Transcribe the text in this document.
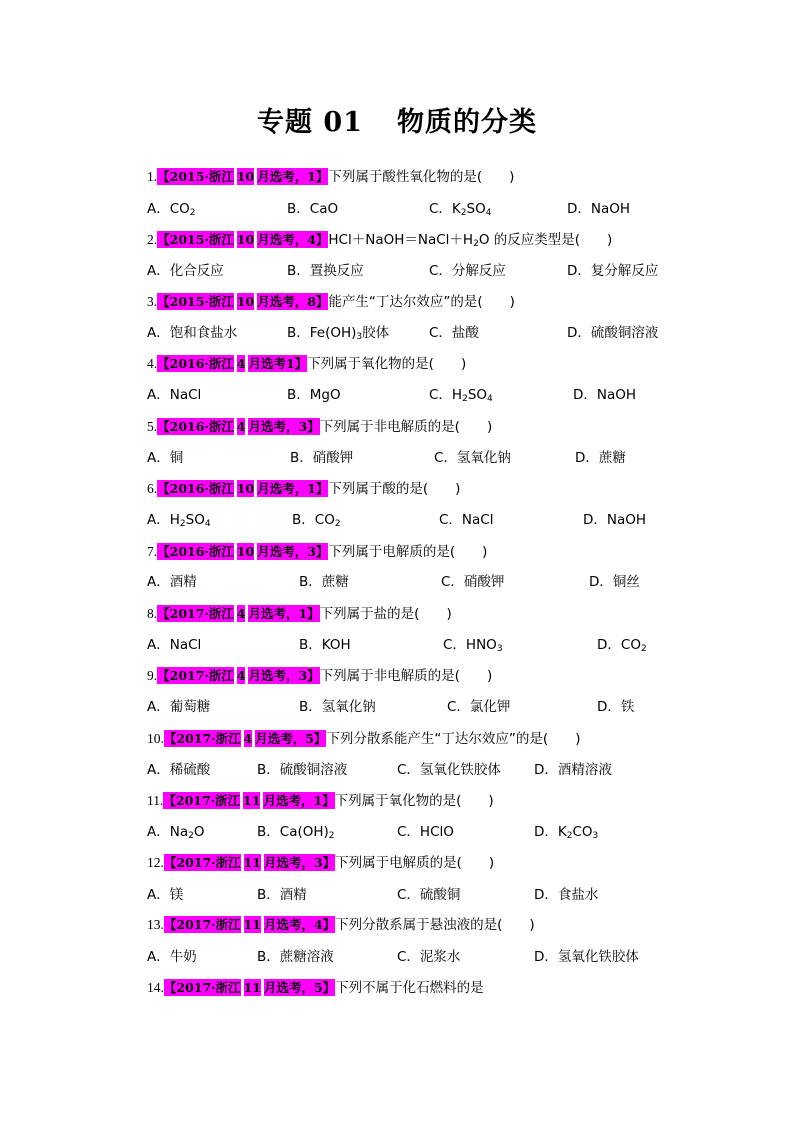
专题 01 物质的分类
1.【2015·浙江 10 月选考，1】下列属于酸性氧化物的是(　　)
A．$CO_2$	B．CaO	C．$K_2SO_4$	D．NaOH
2.【2015·浙江 10 月选考，4】$HCl+NaOH=NaCl+H_2O$ 的反应类型是(　　)
A．化合反应	B．置换反应	C．分解反应	D．复分解反应
3.【2015·浙江 10 月选考，8】能产生“丁达尔效应”的是(　　)
A．饱和食盐水	B．$Fe(OH)_3$胶体	C．盐酸	D．硫酸铜溶液
4.【2016·浙江 4 月选考1】下列属于氧化物的是(　　)
A．NaCl	B．MgO	C．$H_2SO_4$	D．NaOH
5.【2016·浙江 4 月选考，3】下列属于非电解质的是(　　)
A．铜	B．硝酸钾	C．氢氧化钠	D．蔗糖
6.【2016·浙江 10 月选考，1】下列属于酸的是(　　)
A．$H_2SO_4$	B．$CO_2$	C．NaCl	D．NaOH
7.【2016·浙江 10 月选考，3】下列属于电解质的是(　　)
A．酒精	B．蔗糖	C．硝酸钾	D．铜丝
8.【2017·浙江 4 月选考，1】下列属于盐的是(　　)
A．NaCl	B．KOH	C．$HNO_3$	D．$CO_2$
9.【2017·浙江 4 月选考，3】下列属于非电解质的是(　　)
A．葡萄糖	B．氢氧化钠	C．氯化钾	D．铁
10.【2017·浙江 4 月选考，5】下列分散系能产生“丁达尔效应”的是(　　)
A．稀硫酸	B．硫酸铜溶液	C．氢氧化铁胶体 D．酒精溶液
11.【2017·浙江 11 月选考，1】下列属于氧化物的是(　　)
A．$Na_2O$	B．$Ca(OH)_2$	C．HClO	D．$K_2CO_3$
12.【2017·浙江 11 月选考，3】下列属于电解质的是(　　)
A．镁	B．酒精	C．硫酸铜	D．食盐水
13.【2017·浙江 11 月选考，4】下列分散系属于悬浊液的是(　　)
A．牛奶	B．蔗糖溶液	C．泥浆水	D．氢氧化铁胶体
14.【2017·浙江 11 月选考，5】下列不属于化石燃料的是
